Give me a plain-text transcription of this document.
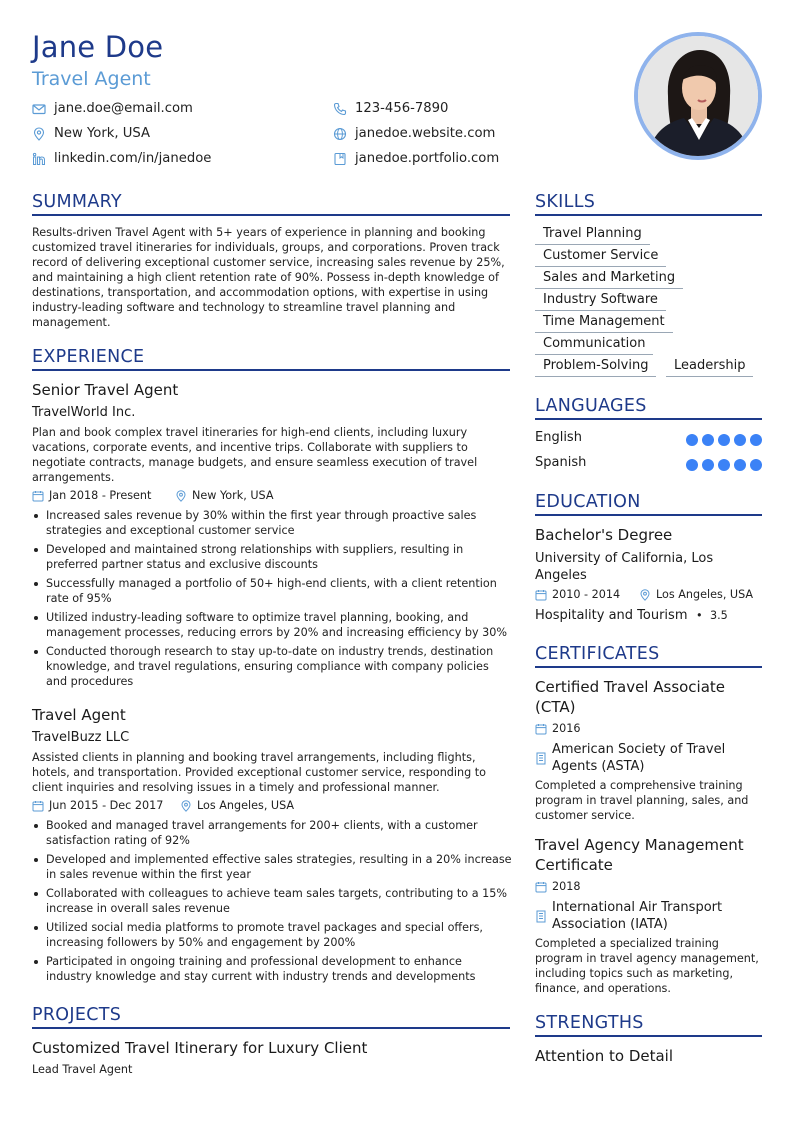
Jane Doe
Travel Agent
jane.doe@email.com	123-456-7890
New York, USA	janedoe.website.com
linkedin.com/in/janedoe	janedoe.portfolio.com
SUMMARY
Results-driven Travel Agent with 5+ years of experience in planning and booking
customized travel itineraries for individuals, groups, and corporations. Proven track
record of delivering exceptional customer service, increasing sales revenue by 25%,
and maintaining a high client retention rate of 90%. Possess in-depth knowledge of
destinations, transportation, and accommodation options, with expertise in using
industry-leading software and technology to streamline travel planning and
management.
EXPERIENCE
Senior Travel Agent
TravelWorld Inc.
Plan and book complex travel itineraries for high-end clients, including luxury
vacations, corporate events, and incentive trips. Collaborate with suppliers to
negotiate contracts, manage budgets, and ensure seamless execution of travel
arrangements.
Jan 2018 - Present	New York, USA
Increased sales revenue by 30% within the first year through proactive sales
strategies and exceptional customer service
Developed and maintained strong relationships with suppliers, resulting in
preferred partner status and exclusive discounts
Successfully managed a portfolio of 50+ high-end clients, with a client retention
rate of 95%
Utilized industry-leading software to optimize travel planning, booking, and
management processes, reducing errors by 20% and increasing efficiency by 30%
Conducted thorough research to stay up-to-date on industry trends, destination
knowledge, and travel regulations, ensuring compliance with company policies
and procedures
Travel Agent
TravelBuzz LLC
Assisted clients in planning and booking travel arrangements, including flights,
hotels, and transportation. Provided exceptional customer service, responding to
client inquiries and resolving issues in a timely and professional manner.
Jun 2015 - Dec 2017	Los Angeles, USA
Booked and managed travel arrangements for 200+ clients, with a customer
satisfaction rating of 92%
Developed and implemented effective sales strategies, resulting in a 20% increase
in sales revenue within the first year
Collaborated with colleagues to achieve team sales targets, contributing to a 15%
increase in overall sales revenue
Utilized social media platforms to promote travel packages and special offers,
increasing followers by 50% and engagement by 200%
Participated in ongoing training and professional development to enhance
industry knowledge and stay current with industry trends and developments
PROJECTS
Customized Travel Itinerary for Luxury Client
Lead Travel Agent
SKILLS
Travel Planning
Customer Service
Sales and Marketing
Industry Software
Time Management
Communication
Problem-Solving	Leadership
LANGUAGES
English
Spanish
EDUCATION
Bachelor's Degree
University of California, Los
Angeles
2010 - 2014	Los Angeles, USA
Hospitality and Tourism • 3.5
CERTIFICATES
Certified Travel Associate
(CTA)
2016
American Society of Travel
Agents (ASTA)
Completed a comprehensive training
program in travel planning, sales, and
customer service.
Travel Agency Management
Certificate
2018
International Air Transport
Association (IATA)
Completed a specialized training
program in travel agency management,
including topics such as marketing,
finance, and operations.
STRENGTHS
Attention to Detail
